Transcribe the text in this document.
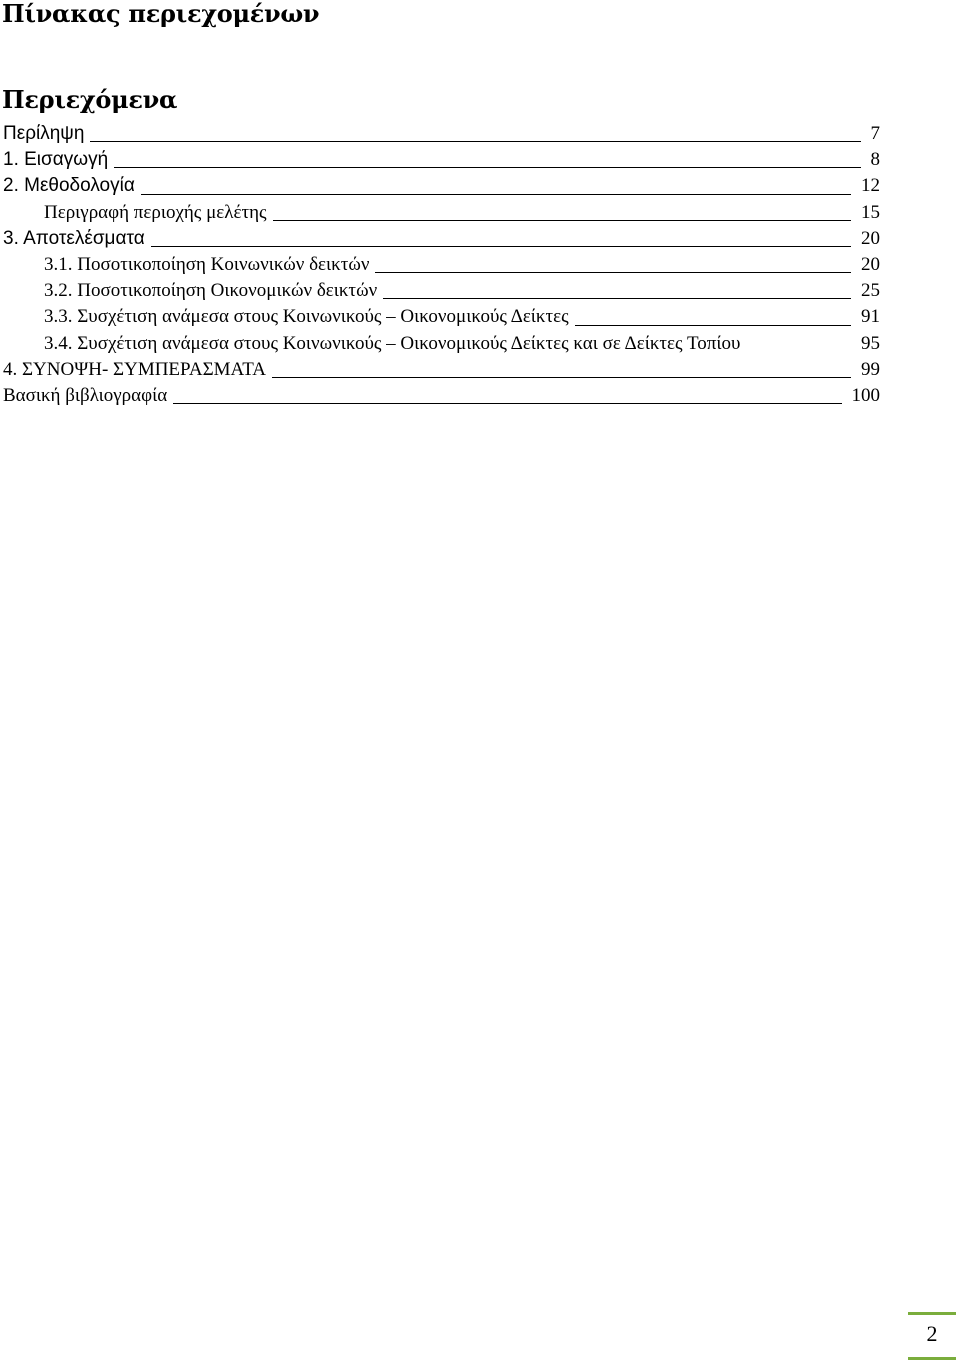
Πίνακας περιεχομένων
Περιεχόμενα
Περίληψη	7
1. Εισαγωγή	8
2. Μεθοδολογία	12
Περιγραφή περιοχής μελέτης	15
3. Αποτελέσματα	20
3.1. Ποσοτικοποίηση Κοινωνικών δεικτών	20
3.2. Ποσοτικοποίηση Οικονομικών δεικτών	25
3.3. Συσχέτιση ανάμεσα στους Κοινωνικούς – Οικονομικούς Δείκτες	91
3.4. Συσχέτιση ανάμεσα στους Κοινωνικούς – Οικονομικούς Δείκτες και σε Δείκτες Τοπίου	95
4. ΣΥΝΟΨΗ- ΣΥΜΠΕΡΑΣΜΑΤΑ	99
Βασική βιβλιογραφία	100
2
